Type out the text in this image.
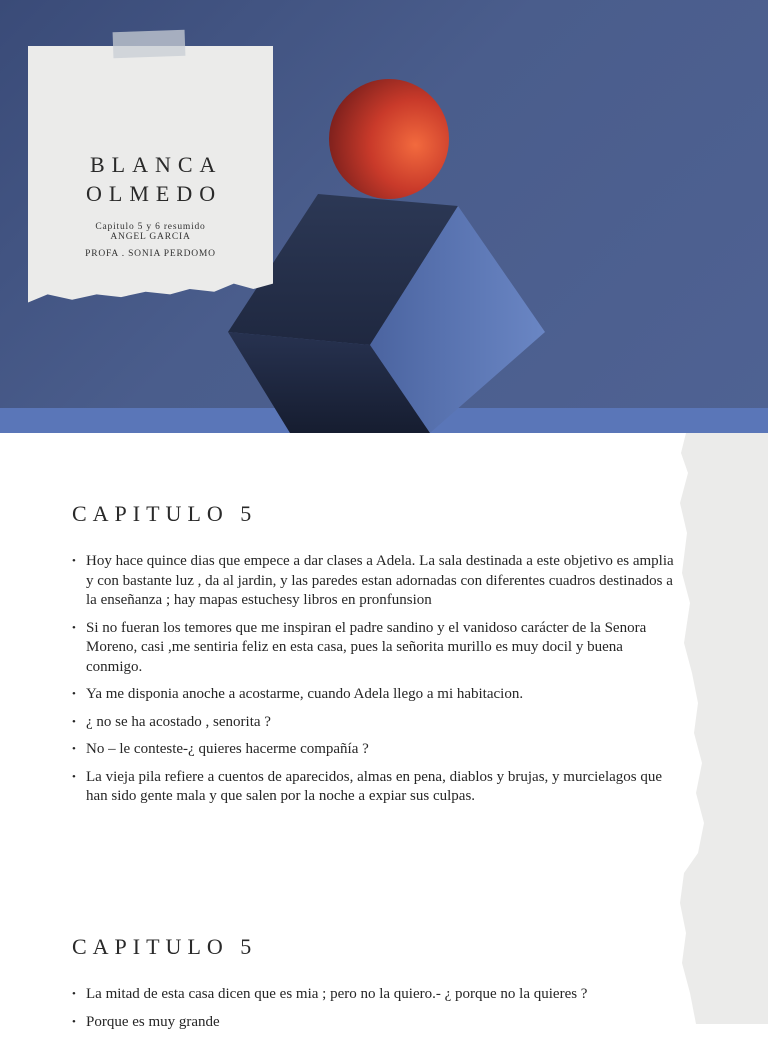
BLANCA
OLMEDO
Capitulo 5 y 6 resumido
ANGEL GARCIA
PROFA . SONIA PERDOMO
CAPITULO 5
• Hoy hace quince dias que empece a dar clases a Adela. La sala destinada a este objetivo es amplia y con bastante luz , da al jardin, y las paredes estan adornadas con diferentes cuadros destinados a la enseñanza ; hay mapas estuchesy libros en pronfunsion
• Si no fueran los temores que me inspiran el padre sandino y el vanidoso carácter de la Senora Moreno, casi ,me sentiria feliz en esta casa, pues la señorita murillo es muy docil y buena conmigo.
• Ya me disponia anoche a acostarme, cuando Adela llego a mi habitacion.
• ¿ no se ha acostado , senorita ?
• No – le conteste-¿ quieres hacerme compañía ?
• La vieja pila refiere a cuentos de aparecidos, almas en pena, diablos y brujas, y murcielagos que han sido gente mala y que salen por la noche a expiar sus culpas.
CAPITULO 5
• La mitad de esta casa dicen que es mia ; pero no la quiero.- ¿ porque no la quieres ?
• Porque es muy grande
